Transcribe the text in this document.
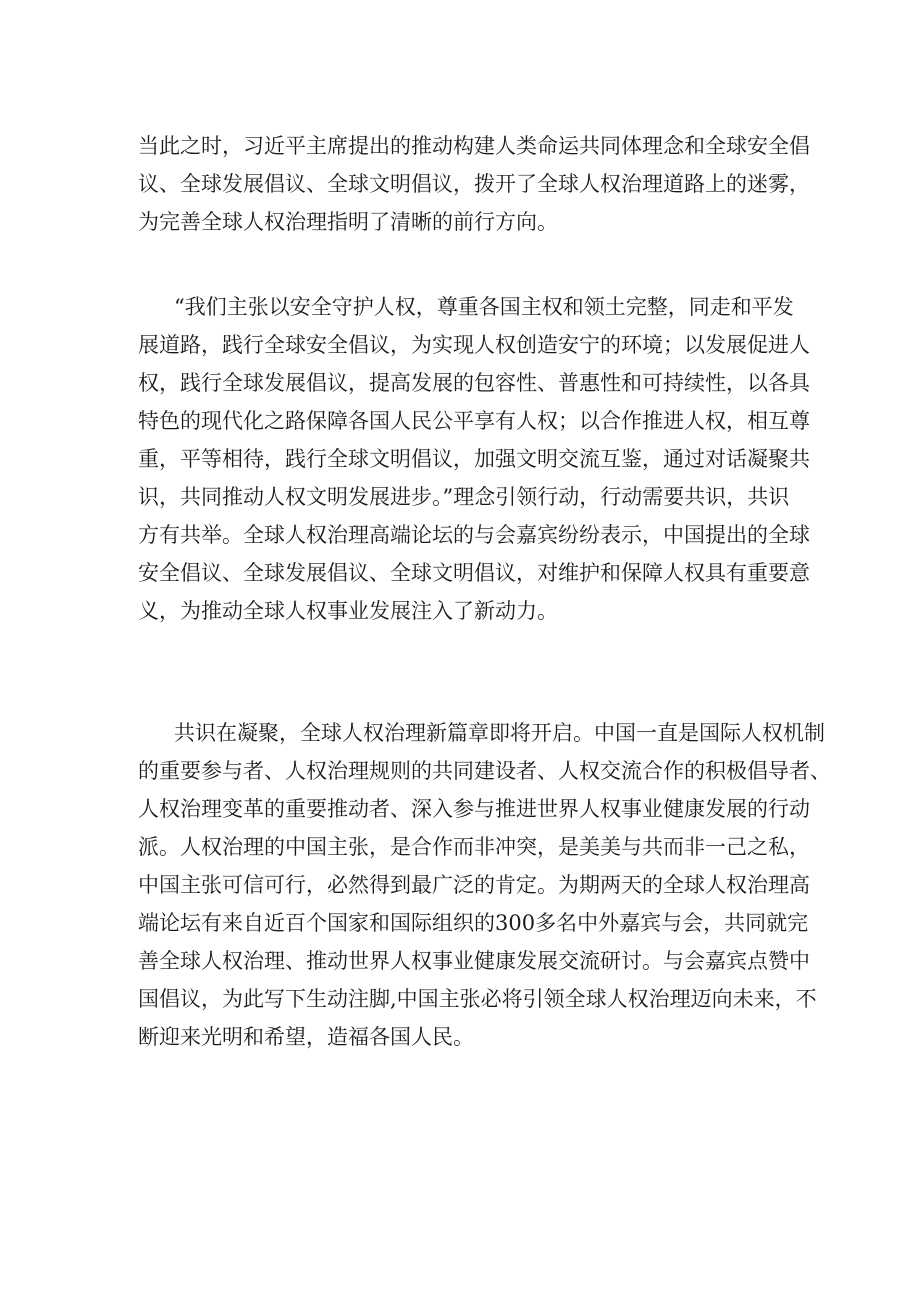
当此之时，习近平主席提出的推动构建人类命运共同体理念和全球安全倡
议、全球发展倡议、全球文明倡议，拨开了全球人权治理道路上的迷雾，
为完善全球人权治理指明了清晰的前行方向。
“我们主张以安全守护人权，尊重各国主权和领土完整，同走和平发
展道路，践行全球安全倡议，为实现人权创造安宁的环境；以发展促进人
权，践行全球发展倡议，提高发展的包容性、普惠性和可持续性，以各具
特色的现代化之路保障各国人民公平享有人权；以合作推进人权，相互尊
重，平等相待，践行全球文明倡议，加强文明交流互鉴，通过对话凝聚共
识，共同推动人权文明发展进步。”理念引领行动，行动需要共识，共识
方有共举。全球人权治理高端论坛的与会嘉宾纷纷表示，中国提出的全球
安全倡议、全球发展倡议、全球文明倡议，对维护和保障人权具有重要意
义，为推动全球人权事业发展注入了新动力。
共识在凝聚，全球人权治理新篇章即将开启。中国一直是国际人权机制
的重要参与者、人权治理规则的共同建设者、人权交流合作的积极倡导者、
人权治理变革的重要推动者、深入参与推进世界人权事业健康发展的行动
派。人权治理的中国主张，是合作而非冲突，是美美与共而非一己之私，
中国主张可信可行，必然得到最广泛的肯定。为期两天的全球人权治理高
端论坛有来自近百个国家和国际组织的300多名中外嘉宾与会，共同就完
善全球人权治理、推动世界人权事业健康发展交流研讨。与会嘉宾点赞中
国倡议，为此写下生动注脚,中国主张必将引领全球人权治理迈向未来，不
断迎来光明和希望，造福各国人民。
